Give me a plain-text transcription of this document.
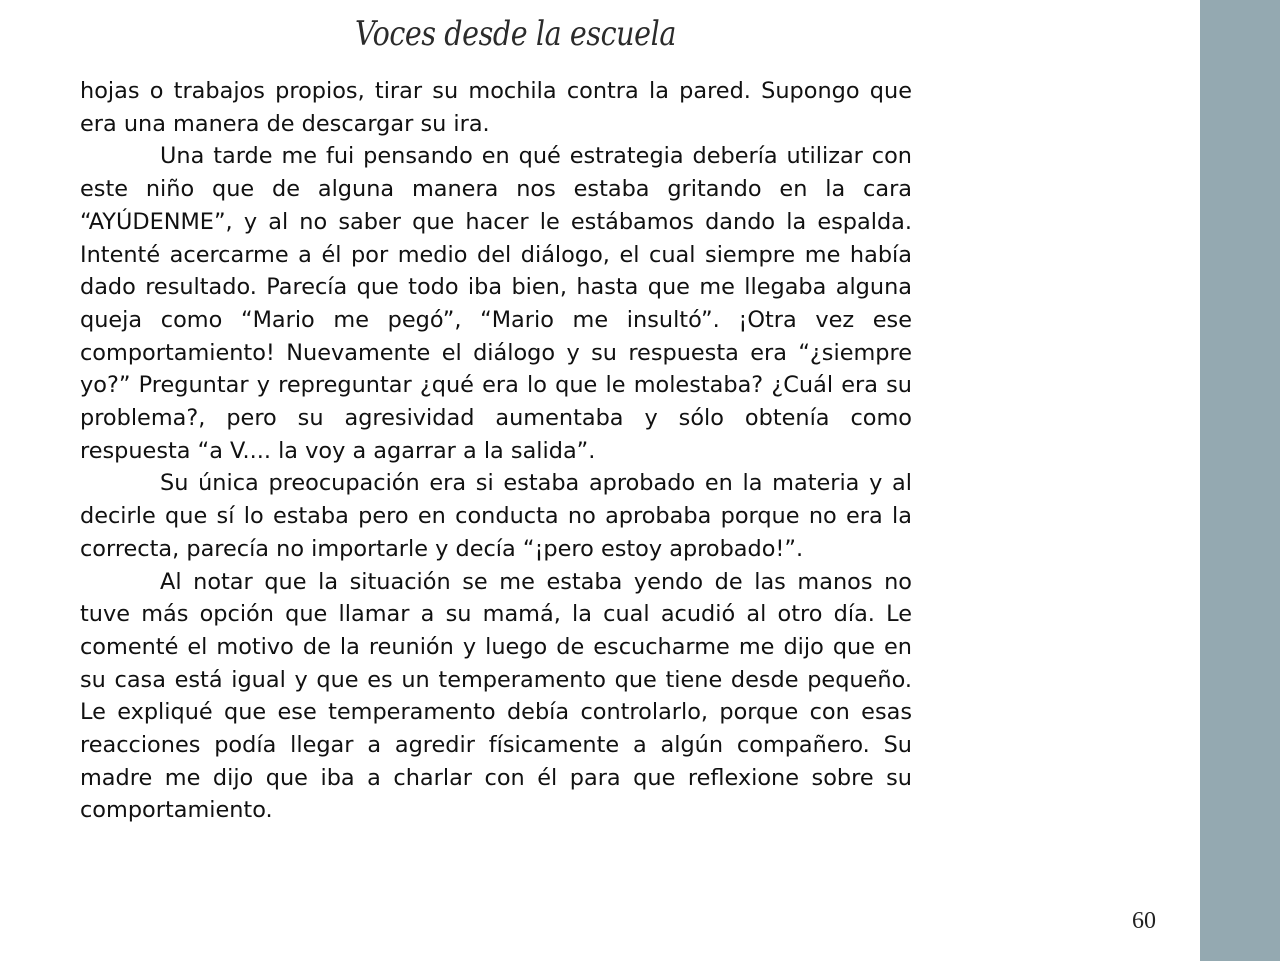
Voces desde la escuela

hojas o trabajos propios, tirar su mochila contra la pared. Supongo que era una manera de descargar su ira.

Una tarde me fui pensando en qué estrategia debería utilizar con este niño que de alguna manera nos estaba gritando en la cara “AYÚDENME”, y al no saber que hacer le estábamos dando la espalda. Intenté acercarme a él por medio del diálogo, el cual siempre me había dado resultado. Parecía que todo iba bien, hasta que me llegaba alguna queja como “Mario me pegó”, “Mario me insultó”. ¡Otra vez ese comportamiento! Nuevamente el diálogo y su respuesta era “¿siempre yo?” Preguntar y repreguntar ¿qué era lo que le molestaba? ¿Cuál era su problema?, pero su agresividad aumentaba y sólo obtenía como respuesta “a V.... la voy a agarrar a la salida”.

Su única preocupación era si estaba aprobado en la materia y al decirle que sí lo estaba pero en conducta no aprobaba porque no era la correcta, parecía no importarle y decía “¡pero estoy aprobado!”.

Al notar que la situación se me estaba yendo de las manos no tuve más opción que llamar a su mamá, la cual acudió al otro día. Le comenté el motivo de la reunión y luego de escucharme me dijo que en su casa está igual y que es un temperamento que tiene desde pequeño. Le expliqué que ese temperamento debía controlarlo, porque con esas reacciones podía llegar a agredir físicamente a algún compañero. Su madre me dijo que iba a charlar con él para que reflexione sobre su comportamiento.

60
